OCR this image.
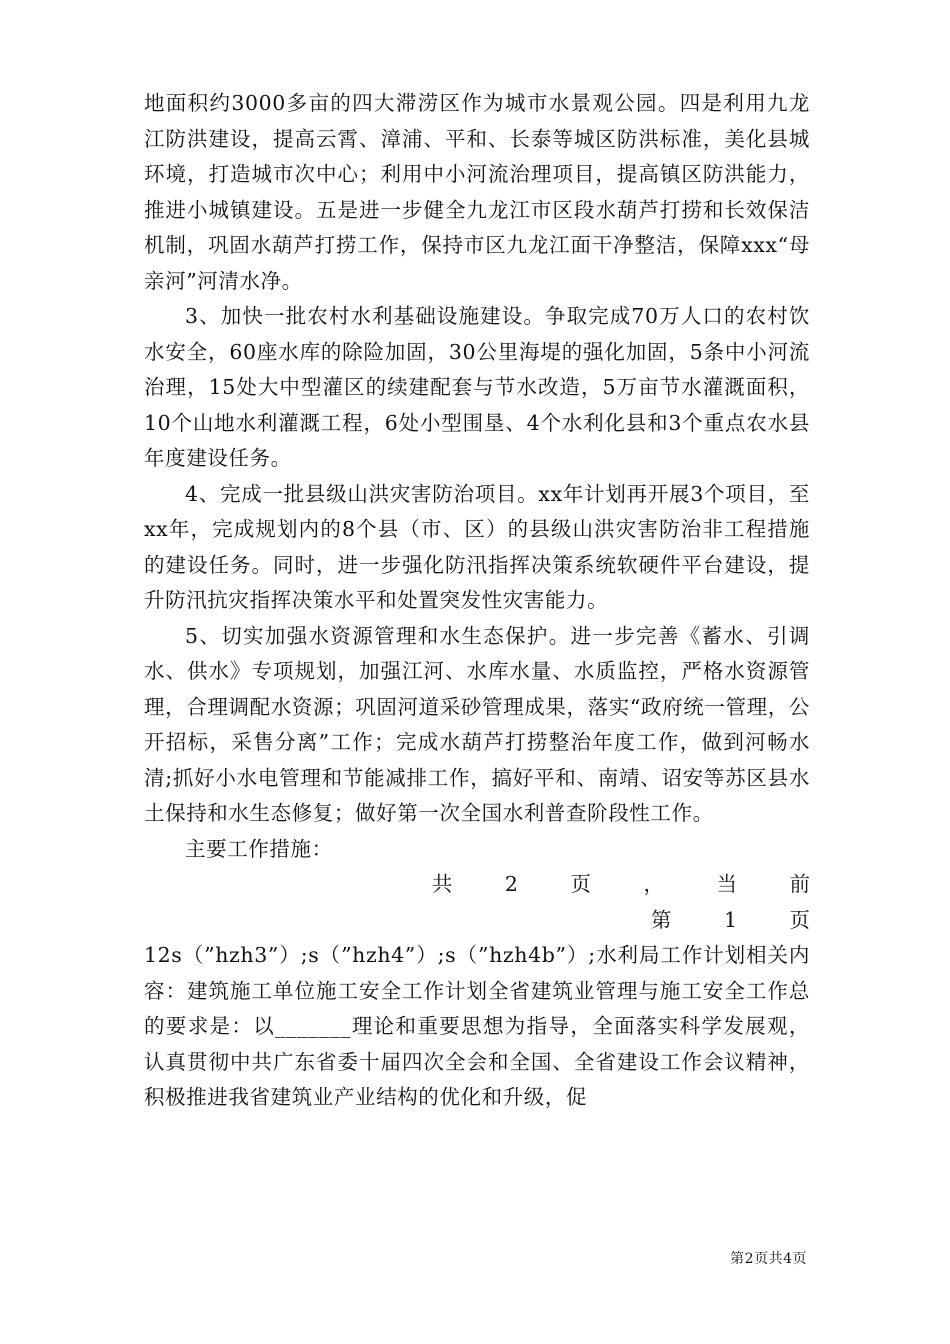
地面积约3000多亩的四大滞涝区作为城市水景观公园。四是利用九龙江防洪建设，提高云霄、漳浦、平和、长泰等城区防洪标准，美化县城环境，打造城市次中心；利用中小河流治理项目，提高镇区防洪能力，推进小城镇建设。五是进一步健全九龙江市区段水葫芦打捞和长效保洁机制，巩固水葫芦打捞工作，保持市区九龙江面干净整洁，保障xxx“母亲河”河清水净。

3、加快一批农村水利基础设施建设。争取完成70万人口的农村饮水安全，60座水库的除险加固，30公里海堤的强化加固，5条中小河流治理，15处大中型灌区的续建配套与节水改造，5万亩节水灌溉面积，10个山地水利灌溉工程，6处小型围垦、4个水利化县和3个重点农水县年度建设任务。

4、完成一批县级山洪灾害防治项目。xx年计划再开展3个项目，至xx年，完成规划内的8个县（市、区）的县级山洪灾害防治非工程措施的建设任务。同时，进一步强化防汛指挥决策系统软硬件平台建设，提升防汛抗灾指挥决策水平和处置突发性灾害能力。

5、切实加强水资源管理和水生态保护。进一步完善《蓄水、引调水、供水》专项规划，加强江河、水库水量、水质监控，严格水资源管理，合理调配水资源；巩固河道采砂管理成果，落实“政府统一管理，公开招标，采售分离”工作；完成水葫芦打捞整治年度工作，做到河畅水清;抓好小水电管理和节能减排工作，搞好平和、南靖、诏安等苏区县水土保持和水生态修复；做好第一次全国水利普查阶段性工作。

主要工作措施：

共 2 页 ， 当 前 第 1 页

12s（”hzh3”）;s（”hzh4”）;s（”hzh4b”）;水利局工作计划相关内容：建筑施工单位施工安全工作计划全省建筑业管理与施工安全工作总的要求是：以_______理论和重要思想为指导，全面落实科学发展观，认真贯彻中共广东省委十届四次全会和全国、全省建设工作会议精神，积极推进我省建筑业产业结构的优化和升级，促

第2页共4页
